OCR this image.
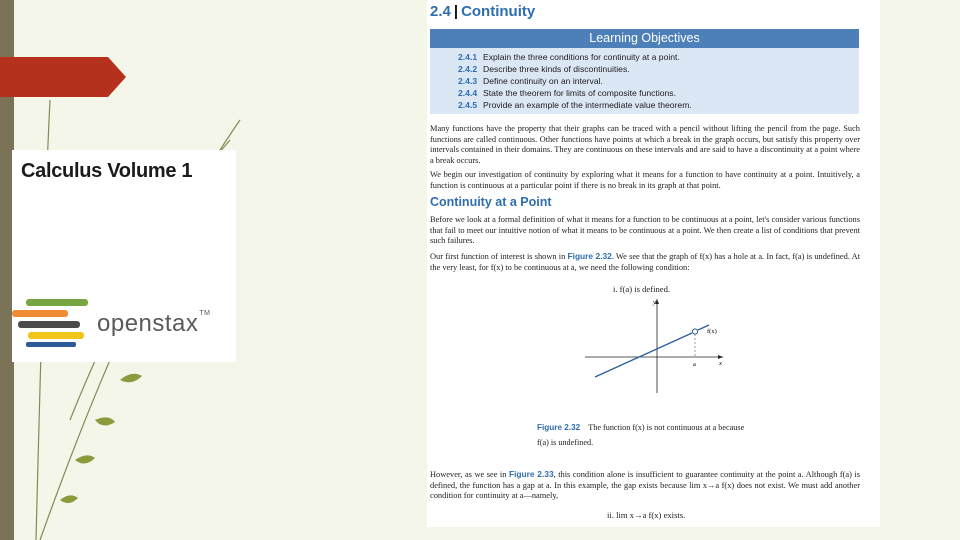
Calculus Volume 1
openstax™
2.4 | Continuity
Learning Objectives
2.4.1 Explain the three conditions for continuity at a point.
2.4.2 Describe three kinds of discontinuities.
2.4.3 Define continuity on an interval.
2.4.4 State the theorem for limits of composite functions.
2.4.5 Provide an example of the intermediate value theorem.
Many functions have the property that their graphs can be traced with a pencil without lifting the pencil from the page. Such functions are called continuous. Other functions have points at which a break in the graph occurs, but satisfy this property over intervals contained in their domains. They are continuous on these intervals and are said to have a discontinuity at a point where a break occurs.
We begin our investigation of continuity by exploring what it means for a function to have continuity at a point. Intuitively, a function is continuous at a particular point if there is no break in its graph at that point.
Continuity at a Point
Before we look at a formal definition of what it means for a function to be continuous at a point, let's consider various functions that fail to meet our intuitive notion of what it means to be continuous at a point. We then create a list of conditions that prevent such failures.
Our first function of interest is shown in Figure 2.32. We see that the graph of f(x) has a hole at a. In fact, f(a) is undefined. At the very least, for f(x) to be continuous at a, we need the following condition:
i. f(a) is defined.
y
x
f(x)
a
Figure 2.32 The function f(x) is not continuous at a because f(a) is undefined.
However, as we see in Figure 2.33, this condition alone is insufficient to guarantee continuity at the point a. Although f(a) is defined, the function has a gap at a. In this example, the gap exists because lim x→a f(x) does not exist. We must add another condition for continuity at a—namely,
ii. lim x→a f(x) exists.
